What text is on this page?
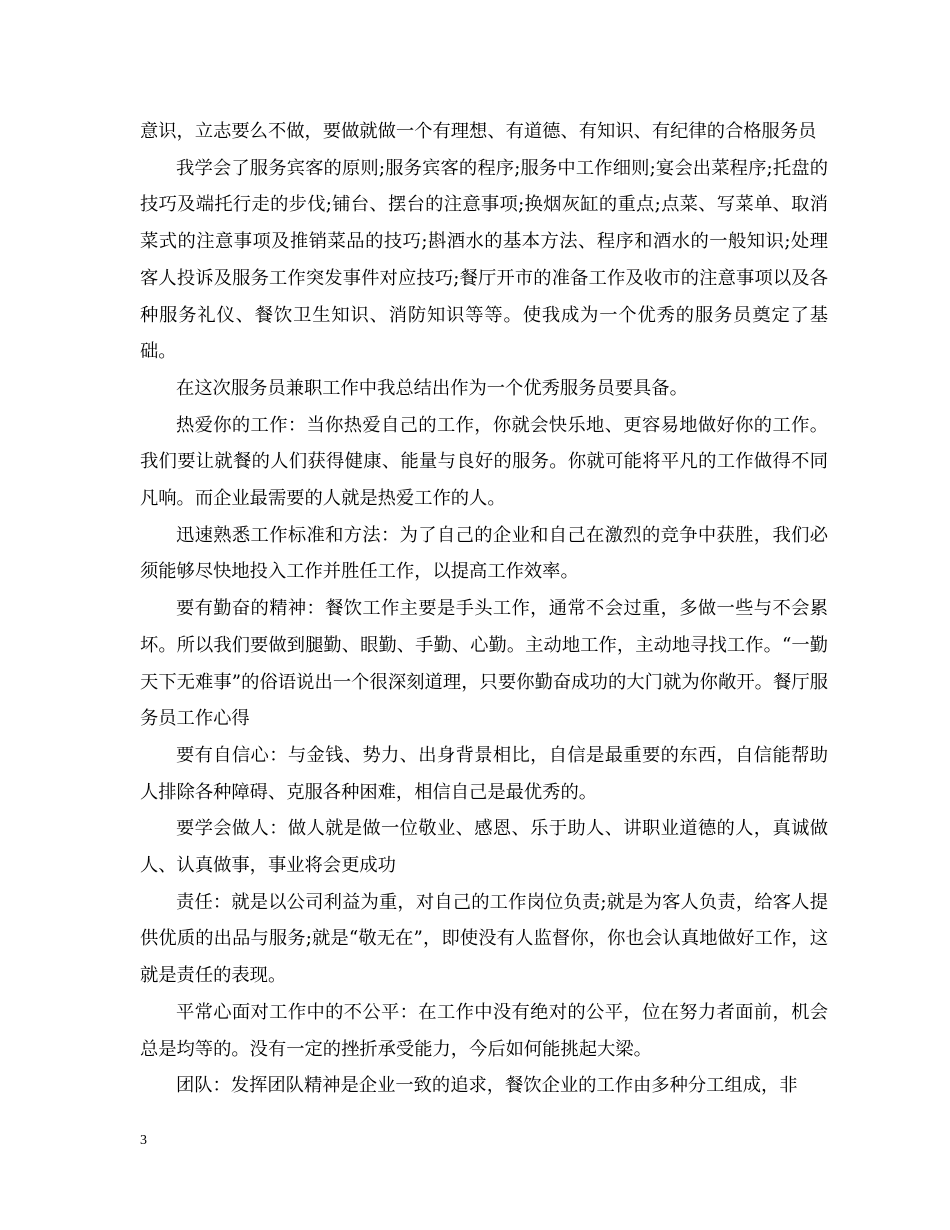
意识，立志要么不做，要做就做一个有理想、有道德、有知识、有纪律的合格服务员

我学会了服务宾客的原则;服务宾客的程序;服务中工作细则;宴会出菜程序;托盘的技巧及端托行走的步伐;铺台、摆台的注意事项;换烟灰缸的重点;点菜、写菜单、取消菜式的注意事项及推销菜品的技巧;斟酒水的基本方法、程序和酒水的一般知识;处理客人投诉及服务工作突发事件对应技巧;餐厅开市的准备工作及收市的注意事项以及各种服务礼仪、餐饮卫生知识、消防知识等等。使我成为一个优秀的服务员奠定了基础。

在这次服务员兼职工作中我总结出作为一个优秀服务员要具备。

热爱你的工作：当你热爱自己的工作，你就会快乐地、更容易地做好你的工作。我们要让就餐的人们获得健康、能量与良好的服务。你就可能将平凡的工作做得不同凡响。而企业最需要的人就是热爱工作的人。

迅速熟悉工作标准和方法：为了自己的企业和自己在激烈的竞争中获胜，我们必须能够尽快地投入工作并胜任工作，以提高工作效率。

要有勤奋的精神：餐饮工作主要是手头工作，通常不会过重，多做一些与不会累坏。所以我们要做到腿勤、眼勤、手勤、心勤。主动地工作，主动地寻找工作。“一勤天下无难事”的俗语说出一个很深刻道理，只要你勤奋成功的大门就为你敞开。餐厅服务员工作心得

要有自信心：与金钱、势力、出身背景相比，自信是最重要的东西，自信能帮助人排除各种障碍、克服各种困难，相信自己是最优秀的。

要学会做人：做人就是做一位敬业、感恩、乐于助人、讲职业道德的人，真诚做人、认真做事，事业将会更成功

责任：就是以公司利益为重，对自己的工作岗位负责;就是为客人负责，给客人提供优质的出品与服务;就是“敬无在”，即使没有人监督你，你也会认真地做好工作，这就是责任的表现。

平常心面对工作中的不公平：在工作中没有绝对的公平，位在努力者面前，机会总是均等的。没有一定的挫折承受能力，今后如何能挑起大梁。

团队：发挥团队精神是企业一致的追求，餐饮企业的工作由多种分工组成，非

3
